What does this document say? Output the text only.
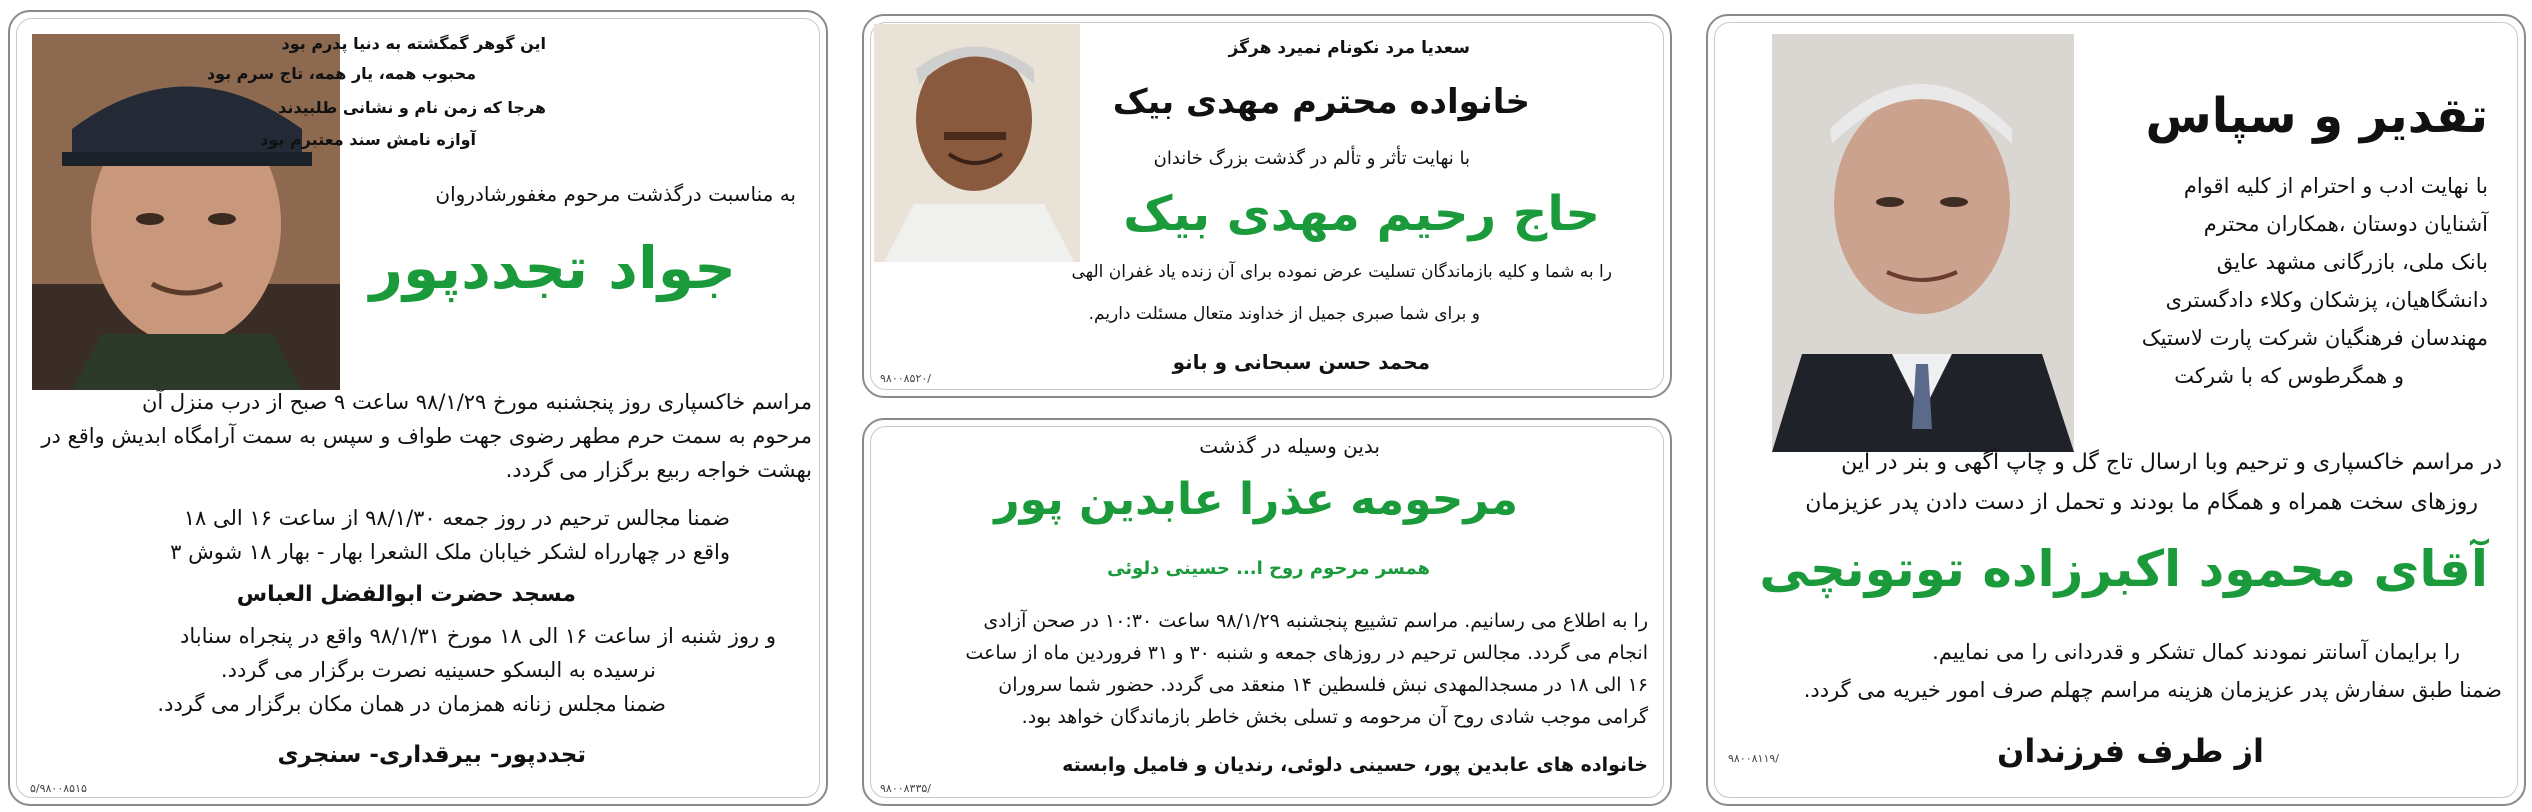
این گوهر گمگشته به دنیا پدرم بود
محبوب همه، یار همه، تاج سرم بود
هرجا که زمن نام و نشانی طلبیدند
آوازه نامش سند معتبرم بود
به مناسبت درگذشت مرحوم مغفورشادروان
جواد تجددپور
مراسم خاکسپاری روز پنجشنبه مورخ ۹۸/۱/۲۹ ساعت ۹ صبح از درب منزل آن
مرحوم به سمت حرم مطهر رضوی جهت طواف و سپس به سمت آرامگاه ابدیش واقع در
بهشت خواجه ربیع برگزار می گردد.
ضمنا مجالس ترحیم در روز جمعه ۹۸/۱/۳۰ از ساعت ۱۶ الی ۱۸
واقع در چهارراه لشکر خیابان ملک الشعرا بهار - بهار ۱۸ شوش ۳
مسجد حضرت ابوالفضل العباس
و روز شنبه از ساعت ۱۶ الی ۱۸ مورخ ۹۸/۱/۳۱ واقع در پنجراه سناباد
نرسیده به البسکو حسینیه نصرت برگزار می گردد.
ضمنا مجلس زنانه همزمان در همان مکان برگزار می گردد.
تجددپور- بیرقداری- سنجری
۵/۹۸۰۰۸۵۱۵
سعدیا مرد نکونام نمیرد هرگز
خانواده محترم مهدی بیک
با نهایت تأثر و تألم در گذشت بزرگ خاندان
حاج رحیم مهدی بیک
را به شما و کلیه بازماندگان تسلیت عرض نموده برای آن زنده یاد غفران الهی
و برای شما صبری جمیل از خداوند متعال مسئلت داریم.
محمد حسن سبحانی و بانو
۹۸۰۰۸۵۲۰/
بدین وسیله در گذشت
مرحومه عذرا عابدین پور
همسر مرحوم روح ا... حسینی دلوئی
را به اطلاع می رسانیم. مراسم تشییع پنجشنبه ۹۸/۱/۲۹ ساعت ۱۰:۳۰ در صحن آزادی
انجام می گردد. مجالس ترحیم در روزهای جمعه و شنبه ۳۰ و ۳۱ فروردین ماه از ساعت
۱۶ الی ۱۸ در مسجدالمهدی نبش فلسطین ۱۴ منعقد می گردد. حضور شما سروران
گرامی موجب شادی روح آن مرحومه و تسلی بخش خاطر بازماندگان خواهد بود.
خانواده های عابدین پور، حسینی دلوئی، رندیان و فامیل وابسته
۹۸۰۰۸۳۳۵/
تقدیر و سپاس
با نهایت ادب و احترام از کلیه اقوام
آشنایان دوستان ،همکاران محترم
بانک ملی، بازرگانی مشهد عایق
دانشگاهیان، پزشکان وکلاء دادگستری
مهندسان فرهنگیان شرکت پارت لاستیک
و همگرطوس که با شرکت
در مراسم خاکسپاری و ترحیم وبا ارسال تاج گل و چاپ آگهی و بنر در این
روزهای سخت همراه و همگام ما بودند و تحمل از دست دادن پدر عزیزمان
آقای محمود اکبرزاده توتونچی
را برایمان آسانتر نمودند کمال تشکر و قدردانی را می نماییم.
ضمنا طبق سفارش پدر عزیزمان هزینه مراسم چهلم صرف امور خیریه می گردد.
از طرف فرزندان
۹۸۰۰۸۱۱۹/
